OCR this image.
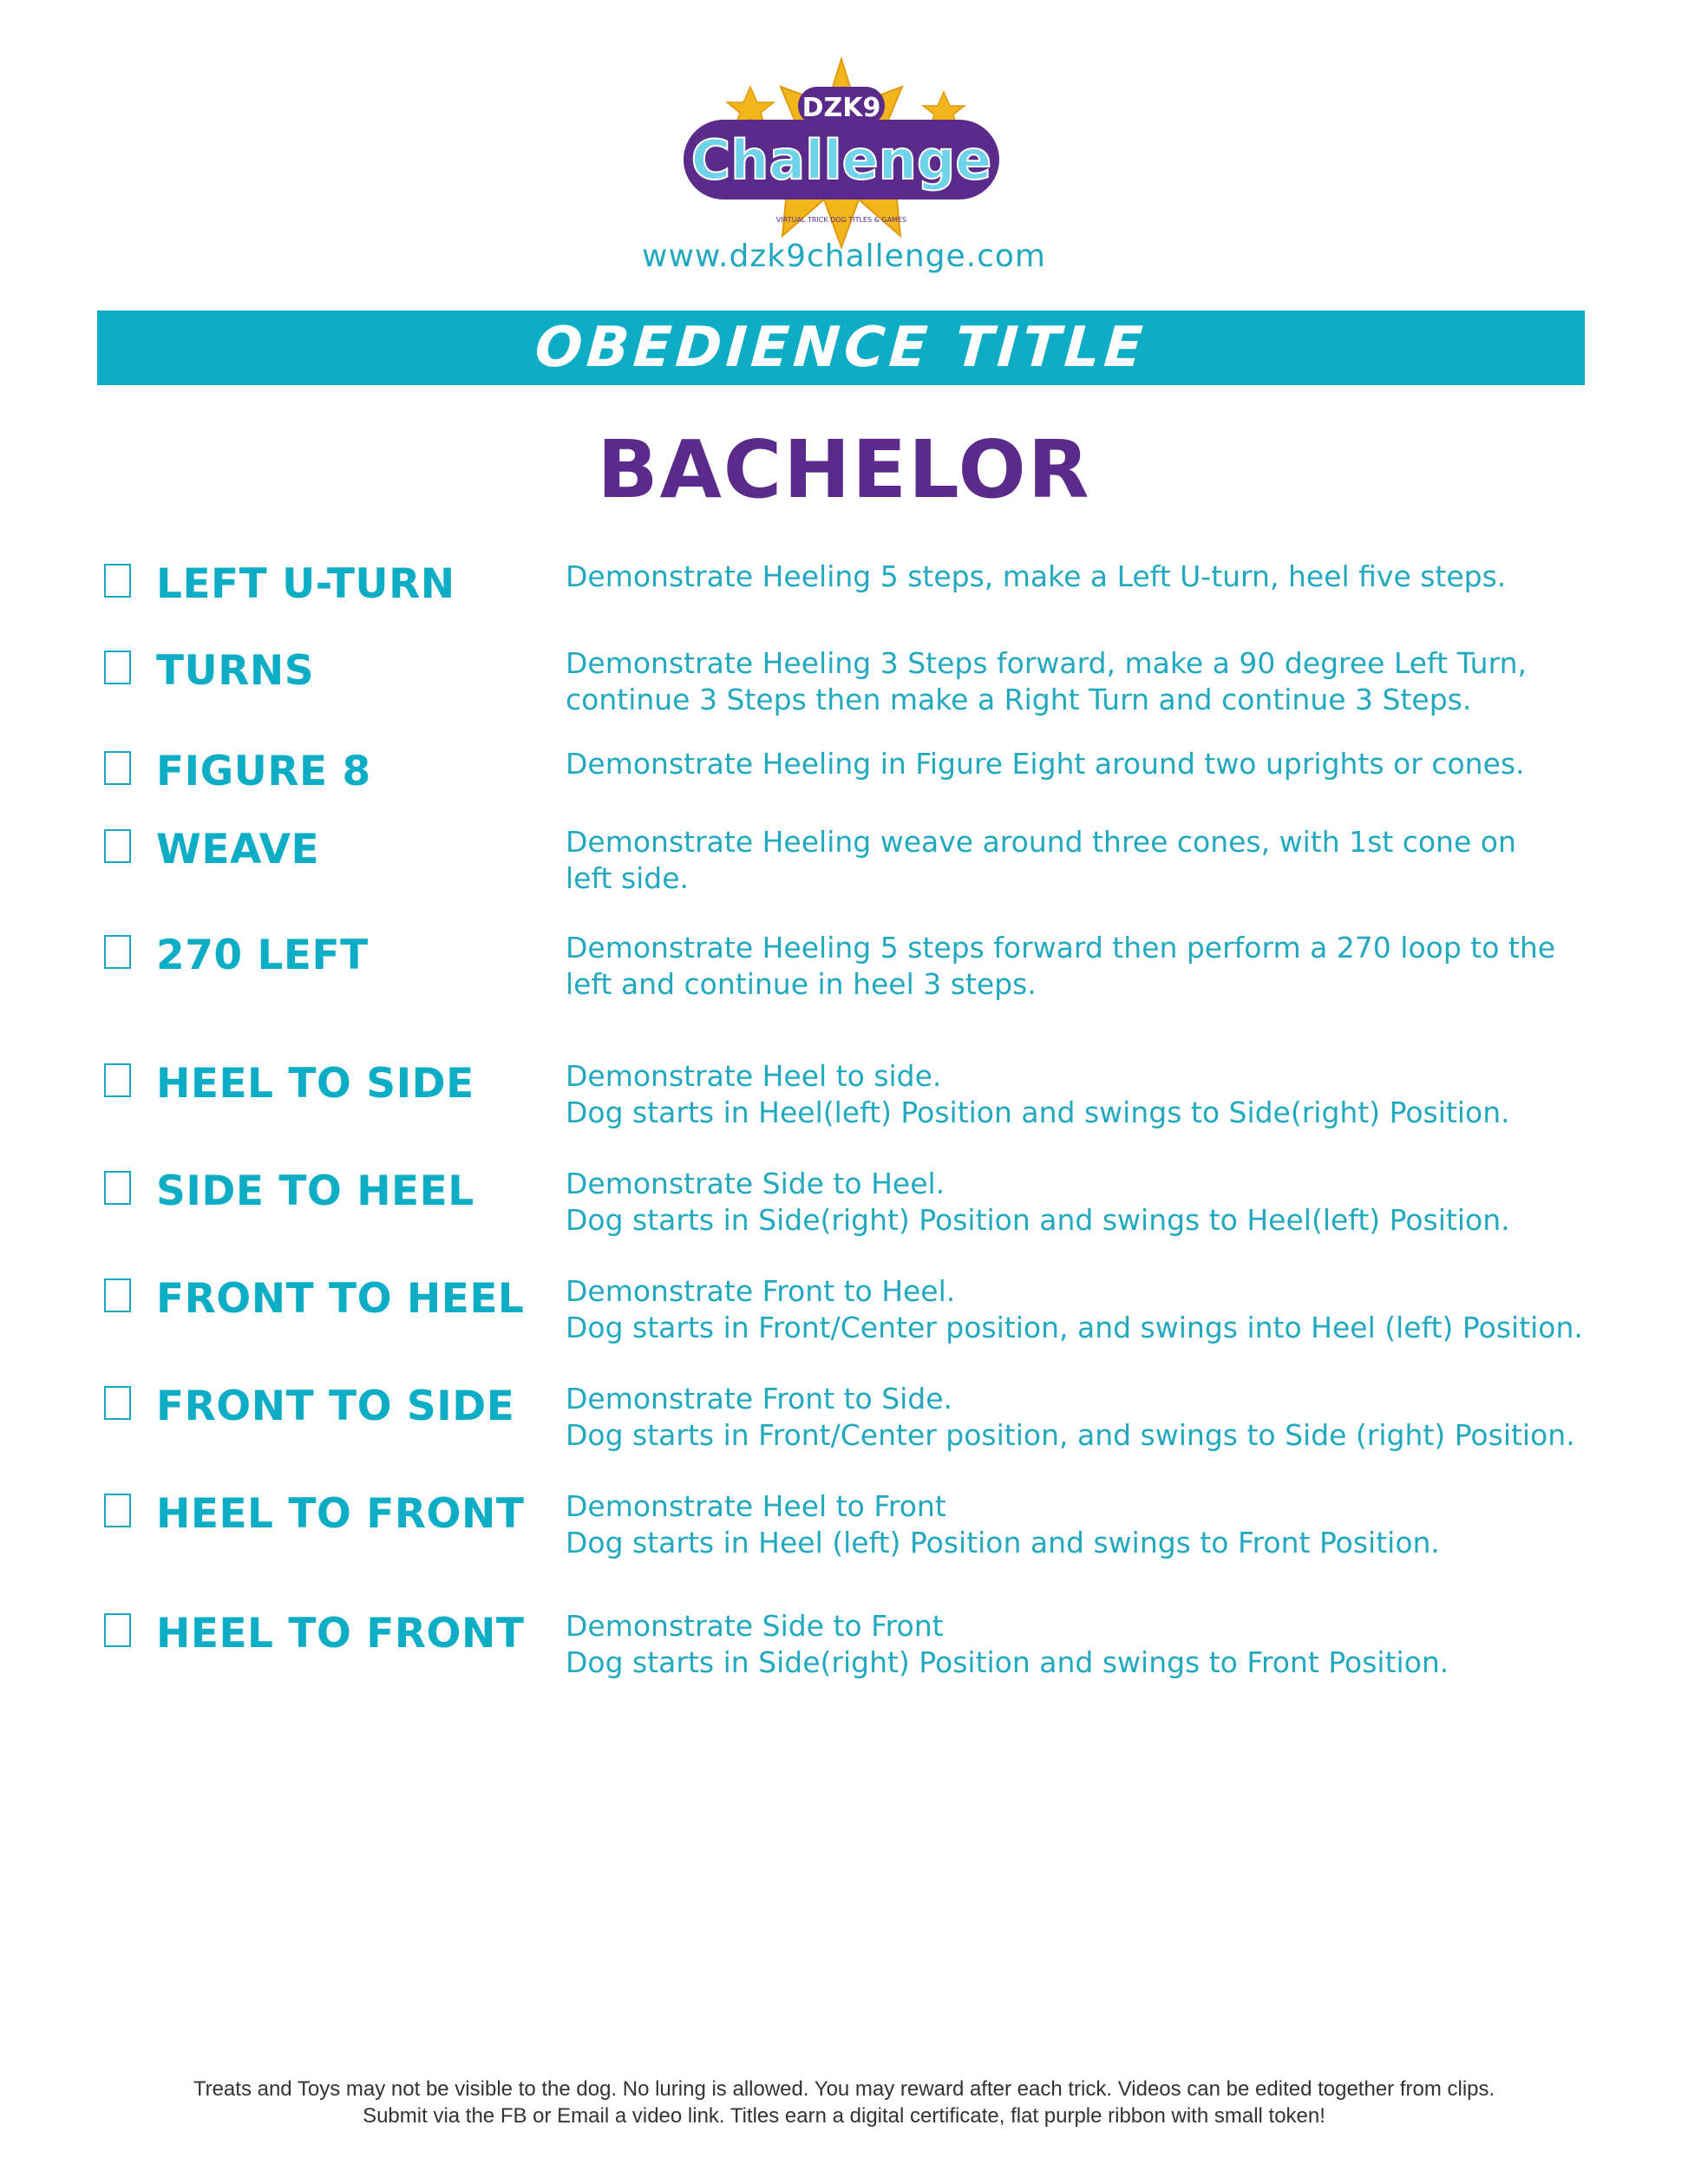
DZK9
Challenge
VIRTUAL TRICK DOG TITLES & GAMES
www.dzk9challenge.com
OBEDIENCE TITLE
BACHELOR
LEFT U-TURN	Demonstrate Heeling 5 steps, make a Left U-turn, heel five steps.
TURNS	Demonstrate Heeling 3 Steps forward, make a 90 degree Left Turn,
continue 3 Steps then make a Right Turn and continue 3 Steps.
FIGURE 8	Demonstrate Heeling in Figure Eight around two uprights or cones.
WEAVE	Demonstrate Heeling weave around three cones, with 1st cone on
left side.
270 LEFT	Demonstrate Heeling 5 steps forward then perform a 270 loop to the
left and continue in heel 3 steps.
HEEL TO SIDE	Demonstrate Heel to side.
Dog starts in Heel(left) Position and swings to Side(right) Position.
SIDE TO HEEL	Demonstrate Side to Heel.
Dog starts in Side(right) Position and swings to Heel(left) Position.
FRONT TO HEEL Demonstrate Front to Heel.
Dog starts in Front/Center position, and swings into Heel (left) Position.
FRONT TO SIDE Demonstrate Front to Side.
Dog starts in Front/Center position, and swings to Side (right) Position.
HEEL TO FRONT Demonstrate Heel to Front
Dog starts in Heel (left) Position and swings to Front Position.
HEEL TO FRONT Demonstrate Side to Front
Dog starts in Side(right) Position and swings to Front Position.
Treats and Toys may not be visible to the dog. No luring is allowed. You may reward after each trick. Videos can be edited together from clips.
Submit via the FB or Email a video link. Titles earn a digital certificate, flat purple ribbon with small token!
